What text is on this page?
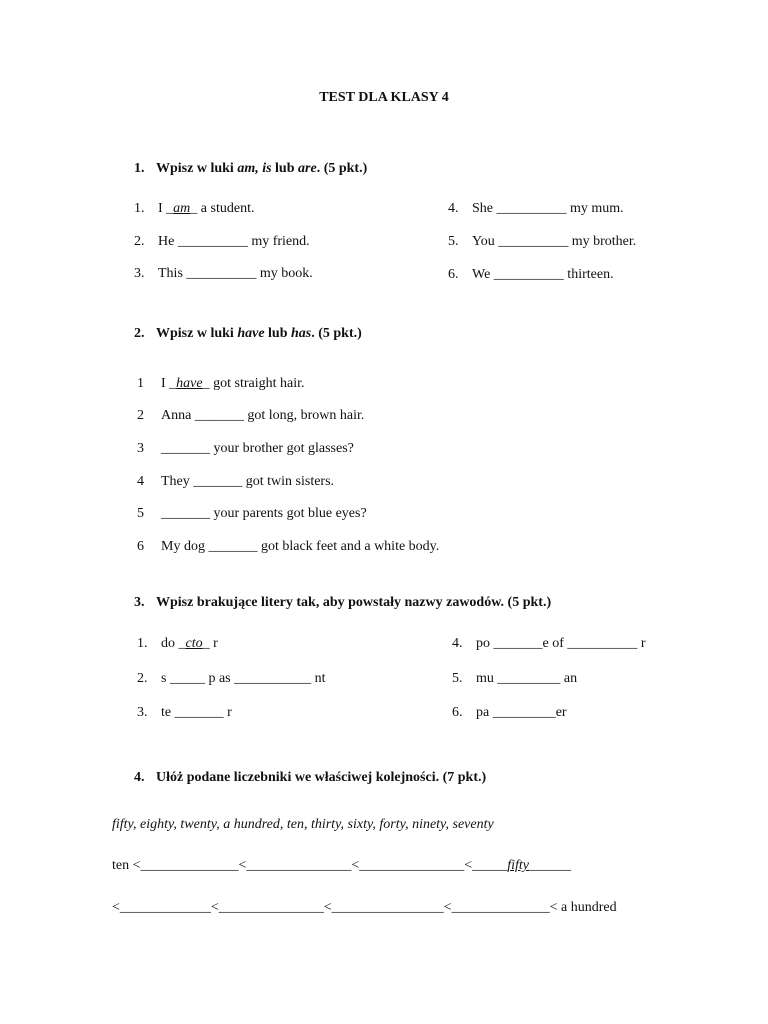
TEST DLA KLASY 4
1. Wpisz w luki am, is lub are. (5 pkt.)
1. I _am_ a student.
2. He __________ my friend.
3. This __________ my book.
4. She __________ my mum.
5. You __________ my brother.
6. We __________ thirteen.
2. Wpisz w luki have lub has. (5 pkt.)
1 I _have_ got straight hair.
2 Anna _______ got long, brown hair.
3 _______ your brother got glasses?
4 They _______ got twin sisters.
5 _______ your parents got blue eyes?
6 My dog _______ got black feet and a white body.
3. Wpisz brakujące litery tak, aby powstały nazwy zawodów. (5 pkt.)
1. do _cto_ r
2. s _____ p as ___________ nt
3. te _______ r
4. po _______e of __________ r
5. mu _________ an
6. pa _________er
4. Ułóż podane liczebniki we właściwej kolejności. (7 pkt.)
fifty, eighty, twenty, a hundred, ten, thirty, sixty, forty, ninety, seventy
ten <______________<_______________<_______________<_____fifty______
<_____________<_______________<________________<______________< a hundred
